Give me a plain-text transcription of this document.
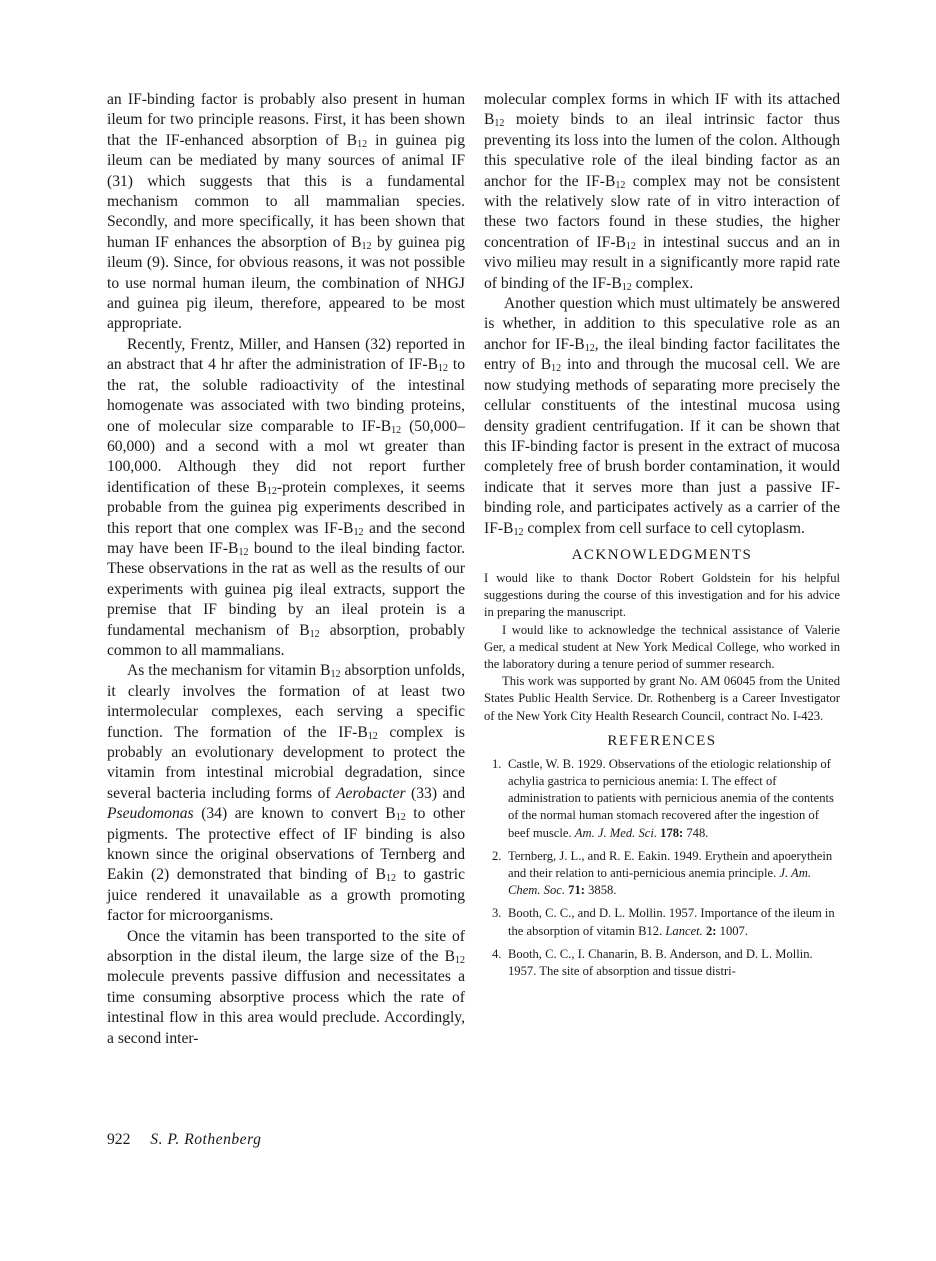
an IF-binding factor is probably also present in human ileum for two principle reasons. First, it has been shown that the IF-enhanced absorption of $B_{12}$ in guinea pig ileum can be mediated by many sources of animal IF (31) which suggests that this is a fundamental mechanism common to all mammalian species. Secondly, and more specifically, it has been shown that human IF enhances the absorption of $B_{12}$ by guinea pig ileum (9). Since, for obvious reasons, it was not possible to use normal human ileum, the combination of NHGJ and guinea pig ileum, therefore, appeared to be most appropriate.

Recently, Frentz, Miller, and Hansen (32) reported in an abstract that 4 hr after the administration of $IF-B_{12}$ to the rat, the soluble radioactivity of the intestinal homogenate was associated with two binding proteins, one of molecular size comparable to $IF-B_{12}$ (50,000–60,000) and a second with a mol wt greater than 100,000. Although they did not report further identification of these $B_{12}$-protein complexes, it seems probable from the guinea pig experiments described in this report that one complex was $IF-B_{12}$ and the second may have been $IF-B_{12}$ bound to the ileal binding factor. These observations in the rat as well as the results of our experiments with guinea pig ileal extracts, support the premise that IF binding by an ileal protein is a fundamental mechanism of $B_{12}$ absorption, probably common to all mammalians.

As the mechanism for vitamin $B_{12}$ absorption unfolds, it clearly involves the formation of at least two intermolecular complexes, each serving a specific function. The formation of the $IF-B_{12}$ complex is probably an evolutionary development to protect the vitamin from intestinal microbial degradation, since several bacteria including forms of Aerobacter (33) and Pseudomonas (34) are known to convert $B_{12}$ to other pigments. The protective effect of IF binding is also known since the original observations of Ternberg and Eakin (2) demonstrated that binding of $B_{12}$ to gastric juice rendered it unavailable as a growth promoting factor for microorganisms.

Once the vitamin has been transported to the site of absorption in the distal ileum, the large size of the $B_{12}$ molecule prevents passive diffusion and necessitates a time consuming absorptive process which the rate of intestinal flow in this area would preclude. Accordingly, a second inter-

molecular complex forms in which IF with its attached $B_{12}$ moiety binds to an ileal intrinsic factor thus preventing its loss into the lumen of the colon. Although this speculative role of the ileal binding factor as an anchor for the $IF-B_{12}$ complex may not be consistent with the relatively slow rate of in vitro interaction of these two factors found in these studies, the higher concentration of $IF-B_{12}$ in intestinal succus and an in vivo milieu may result in a significantly more rapid rate of binding of the $IF-B_{12}$ complex.

Another question which must ultimately be answered is whether, in addition to this speculative role as an anchor for $IF-B_{12}$, the ileal binding factor facilitates the entry of $B_{12}$ into and through the mucosal cell. We are now studying methods of separating more precisely the cellular constituents of the intestinal mucosa using density gradient centrifugation. If it can be shown that this IF-binding factor is present in the extract of mucosa completely free of brush border contamination, it would indicate that it serves more than just a passive IF-binding role, and participates actively as a carrier of the $IF-B_{12}$ complex from cell surface to cell cytoplasm.

ACKNOWLEDGMENTS

I would like to thank Doctor Robert Goldstein for his helpful suggestions during the course of this investigation and for his advice in preparing the manuscript.

I would like to acknowledge the technical assistance of Valerie Ger, a medical student at New York Medical College, who worked in the laboratory during a tenure period of summer research.

This work was supported by grant No. AM 06045 from the United States Public Health Service. Dr. Rothenberg is a Career Investigator of the New York City Health Research Council, contract No. I-423.

REFERENCES
1. Castle, W. B. 1929. Observations of the etiologic relationship of achylia gastrica to pernicious anemia: I. The effect of administration to patients with pernicious anemia of the contents of the normal human stomach recovered after the ingestion of beef muscle. Am. J. Med. Sci. 178: 748.
2. Ternberg, J. L., and R. E. Eakin. 1949. Erythein and apoerythein and their relation to anti-pernicious anemia principle. J. Am. Chem. Soc. 71: 3858.
3. Booth, C. C., and D. L. Mollin. 1957. Importance of the ileum in the absorption of vitamin B12. Lancet. 2: 1007.
4. Booth, C. C., I. Chanarin, B. B. Anderson, and D. L. Mollin. 1957. The site of absorption and tissue distri-
922 S. P. Rothenberg
